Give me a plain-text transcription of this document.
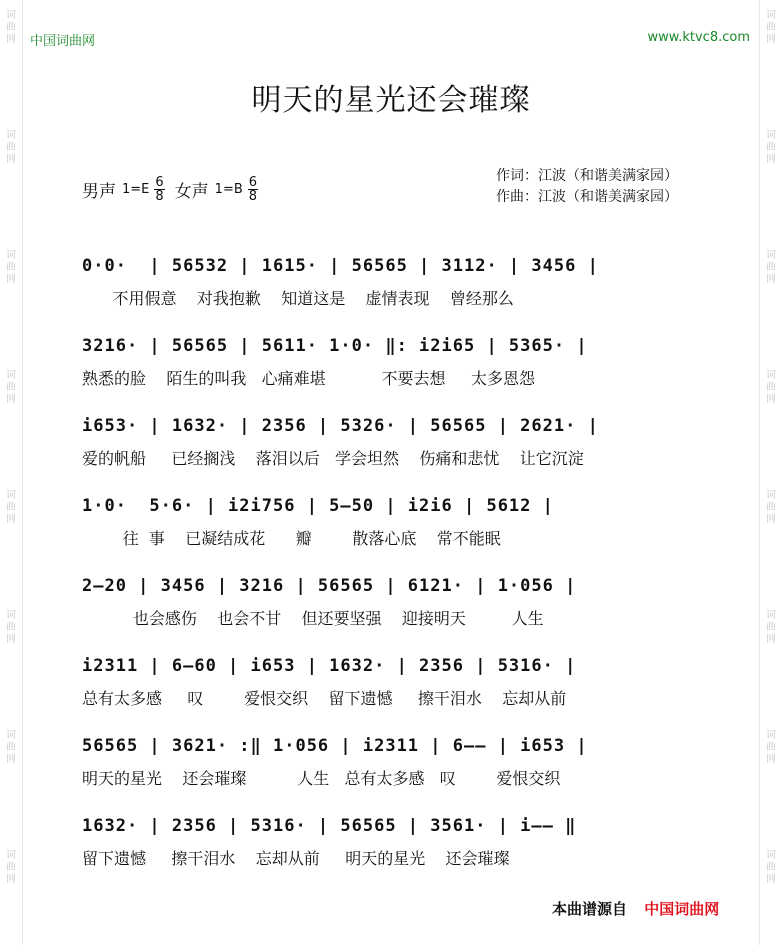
词
曲
网
词
曲
网
词
曲
网
词
曲
网
词
曲
网
词
曲
网
词
曲
网
词
曲
网
词
曲
网
词
曲
网
词
曲
网
词
曲
网
词
曲
网
词
曲
网
词
曲
网
词
曲
网
中国词曲网	www.ktvc8.com
明天的星光还会璀璨
男声 $1=E \frac{6}{8}$ 女声 $1=B \frac{6}{8}$	作词：江波（和谐美满家园）
作曲：江波（和谐美满家园）
0·0·  | 56532 | 1615· | 56565 | 3112· | 3456 |
不用假意    对我抱歉    知道这是    虚情表现    曾经那么
3216· | 56565 | 5611· 1·0· ‖: i2i65 | 5365· |
熟悉的脸    陌生的叫我   心痛难堪           不要去想     太多恩怨
i653· | 1632· | 2356 | 5326· | 56565 | 2621· |
爱的帆船     已经搁浅    落泪以后   学会坦然    伤痛和悲忧    让它沉淀
1·0·  5·6· | i2i756 | 5–50 | i2i6 | 5612 |
往  事    已凝结成花      瓣        散落心底    常不能眠
2–20 | 3456 | 3216 | 56565 | 6121· | 1·056 |
也会感伤    也会不甘    但还要坚强    迎接明天         人生
i2311 | 6–60 | i653 | 1632· | 2356 | 5316· |
总有太多感     叹        爱恨交织    留下遗憾     擦干泪水    忘却从前
56565 | 3621· :‖ 1·056 | i2311 | 6–– | i653 |
明天的星光    还会璀璨          人生   总有太多感   叹        爱恨交织
1632· | 2356 | 5316· | 56565 | 3561· | i–– ‖
留下遗憾     擦干泪水    忘却从前     明天的星光    还会璀璨
本曲谱源自 中国词曲网
